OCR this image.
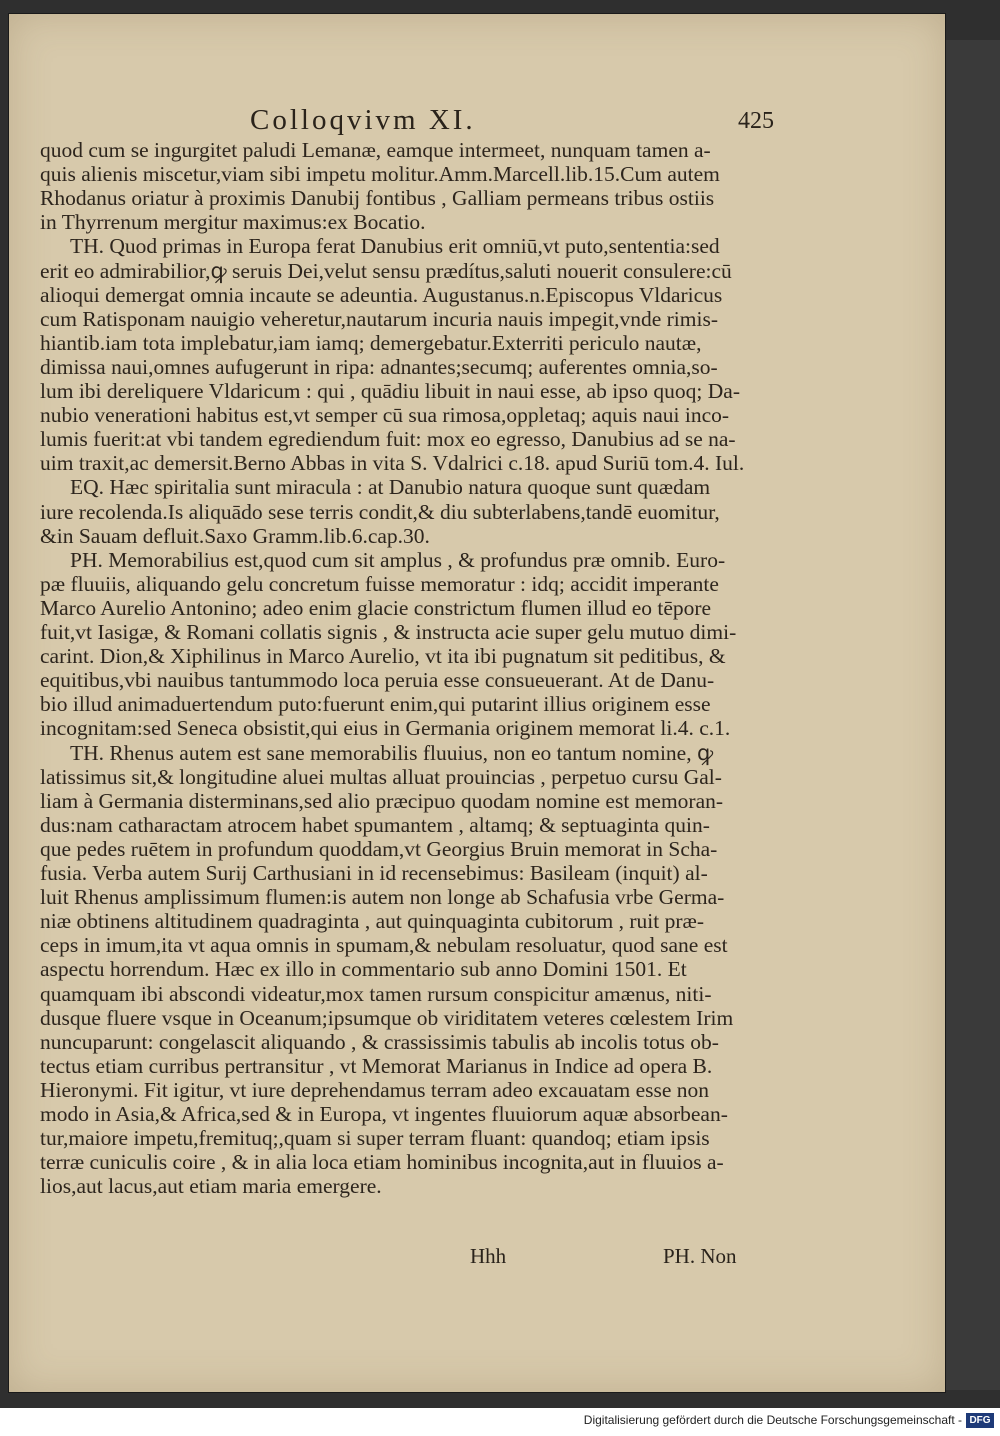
Colloqvivm XI.	425
quod cum se ingurgitet paludi Lemanæ, eamque intermeet, nunquam tamen a-
quis alienis miscetur,viam sibi impetu molitur.Amm.Marcell.lib.15.Cum autem
Rhodanus oriatur à proximis Danubij fontibus , Galliam permeans tribus ostiis
in Thyrrenum mergitur maximus:ex Bocatio.
TH. Quod primas in Europa ferat Danubius erit omniū,vt puto,sententia:sed
erit eo admirabilior,ꝙ seruis Dei,velut sensu prædítus,saluti nouerit consulere:cū
alioqui demergat omnia incaute se adeuntia. Augustanus.n.Episcopus Vldaricus
cum Ratisponam nauigio veheretur,nautarum incuria nauis impegit,vnde rimis-
hiantib.iam tota implebatur,iam iamq; demergebatur.Exterriti periculo nautæ,
dimissa naui,omnes aufugerunt in ripa: adnantes;secumq; auferentes omnia,so-
lum ibi dereliquere Vldaricum : qui , quādiu libuit in naui esse, ab ipso quoq; Da-
nubio venerationi habitus est,vt semper cū sua rimosa,oppletaq; aquis naui inco-
lumis fuerit:at vbi tandem egrediendum fuit: mox eo egresso, Danubius ad se na-
uim traxit,ac demersit.Berno Abbas in vita S. Vdalrici c.18. apud Suriū tom.4. Iul.
EQ. Hæc spiritalia sunt miracula : at Danubio natura quoque sunt quædam
iure recolenda.Is aliquādo sese terris condit,& diu subterlabens,tandē euomitur,
&in Sauam defluit.Saxo Gramm.lib.6.cap.30.
PH. Memorabilius est,quod cum sit amplus , & profundus præ omnib. Euro-
pæ fluuiis, aliquando gelu concretum fuisse memoratur : idq; accidit imperante
Marco Aurelio Antonino; adeo enim glacie constrictum flumen illud eo tēpore
fuit,vt Iasigæ, & Romani collatis signis , & instructa acie super gelu mutuo dimi-
carint. Dion,& Xiphilinus in Marco Aurelio, vt ita ibi pugnatum sit peditibus, &
equitibus,vbi nauibus tantummodo loca peruia esse consueuerant. At de Danu-
bio illud animaduertendum puto:fuerunt enim,qui putarint illius originem esse
incognitam:sed Seneca obsistit,qui eius in Germania originem memorat li.4. c.1.
TH. Rhenus autem est sane memorabilis fluuius, non eo tantum nomine, ꝙ
latissimus sit,& longitudine aluei multas alluat prouincias , perpetuo cursu Gal-
liam à Germania disterminans,sed alio præcipuo quodam nomine est memoran-
dus:nam catharactam atrocem habet spumantem , altamq; & septuaginta quin-
que pedes ruētem in profundum quoddam,vt Georgius Bruin memorat in Scha-
fusia. Verba autem Surij Carthusiani in id recensebimus: Basileam (inquit) al-
luit Rhenus amplissimum flumen:is autem non longe ab Schafusia vrbe Germa-
niæ obtinens altitudinem quadraginta , aut quinquaginta cubitorum , ruit præ-
ceps in imum,ita vt aqua omnis in spumam,& nebulam resoluatur, quod sane est
aspectu horrendum. Hæc ex illo in commentario sub anno Domini 1501. Et
quamquam ibi abscondi videatur,mox tamen rursum conspicitur amænus, niti-
dusque fluere vsque in Oceanum;ipsumque ob viriditatem veteres cœlestem Irim
nuncuparunt: congelascit aliquando , & crassissimis tabulis ab incolis totus ob-
tectus etiam curribus pertransitur , vt Memorat Marianus in Indice ad opera B.
Hieronymi. Fit igitur, vt iure deprehendamus terram adeo excauatam esse non
modo in Asia,& Africa,sed & in Europa, vt ingentes fluuiorum aquæ absorbean-
tur,maiore impetu,fremituq;,quam si super terram fluant: quandoq; etiam ipsis
terræ cuniculis coire , & in alia loca etiam hominibus incognita,aut in fluuios a-
lios,aut lacus,aut etiam maria emergere.
Hhh	PH. Non
Digitalisierung gefördert durch die Deutsche Forschungsgemeinschaft - DFG
